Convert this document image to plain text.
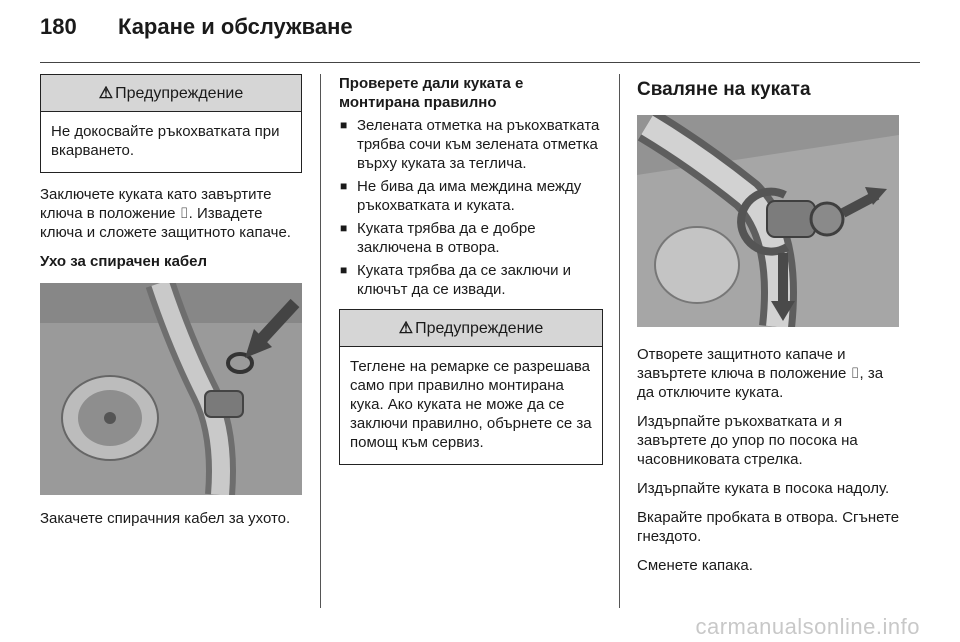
180 Каране и обслужване
⚠ Предупреждение
Не докосвайте ръкохватката при вкарването.

Заключете куката като завъртите ключа в положение ⌷. Извадете ключа и сложете защитното капаче.

Ухо за спирачен кабел

Закачете спирачния кабел за ухото.

Проверете дали куката е монтирана правилно
■ Зелената отметка на ръкохватката трябва сочи към зелената отметка върху куката за теглича.
■ Не бива да има междина между ръкохватката и куката.
■ Куката трябва да е добре заключена в отвора.
■ Куката трябва да се заключи и ключът да се извади.
⚠ Предупреждение
Теглене на ремарке се разрешава само при правилно монтирана кука. Ако куката не може да се заключи правилно, обърнете се за помощ към сервиз.
Сваляне на куката

Отворете защитното капаче и завъртете ключа в положение ⌷, за да отключите куката.

Издърпайте ръкохватката и я завъртете до упор по посока на часовниковата стрелка.

Издърпайте куката в посока надолу.

Вкарайте пробката в отвора. Сгънете гнездото.

Сменете капака.

carmanualsonline.info
